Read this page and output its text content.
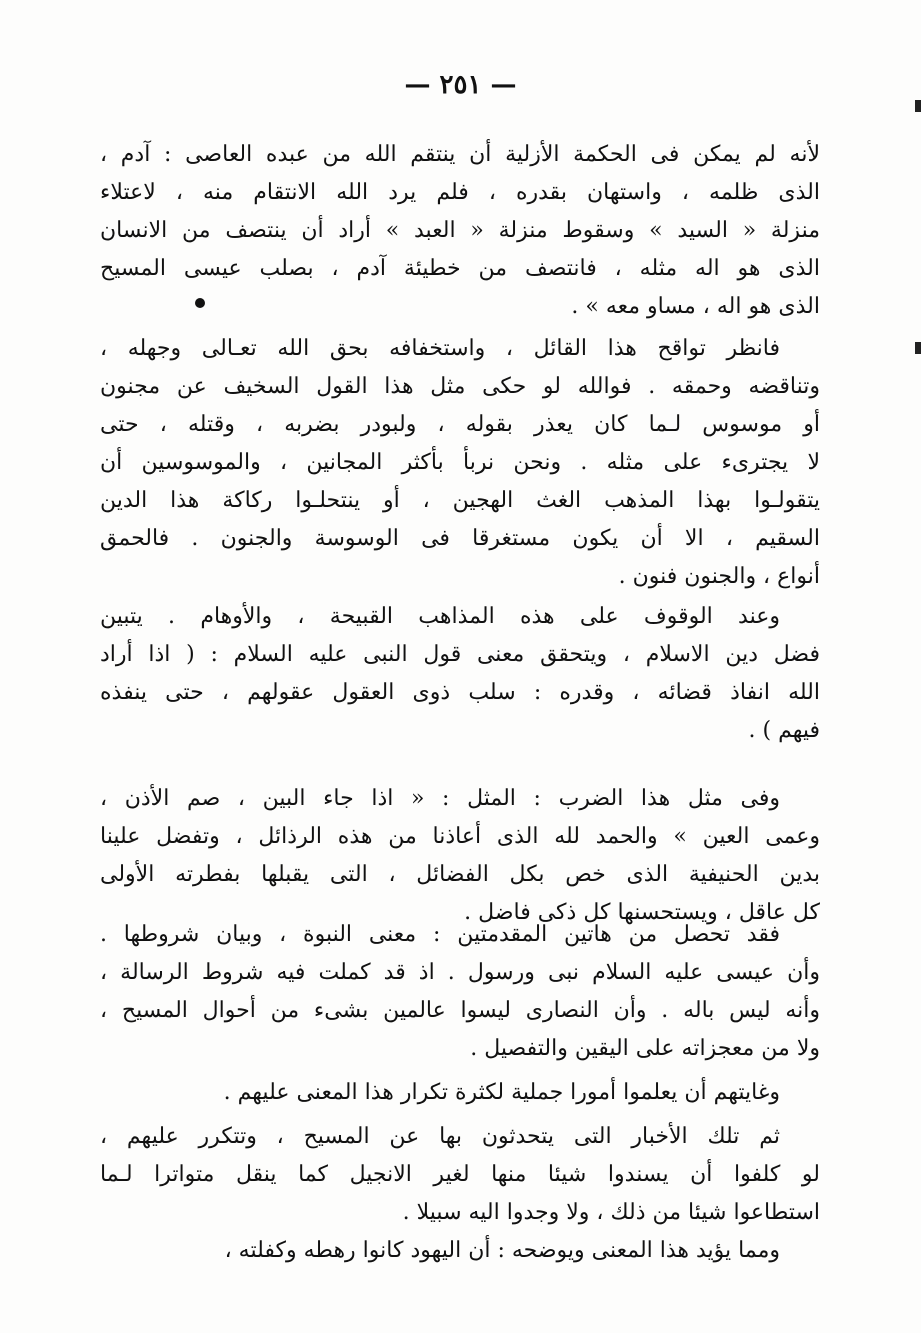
— ٢٥١ —
لأنه لم يمكن فى الحكمة الأزلية أن ينتقم الله من عبده العاصى : آدم ،
الذى ظلمه ، واستهان بقدره ، فلم يرد الله الانتقام منه ، لاعتلاء
منزلة « السيد » وسقوط منزلة « العبد » أراد أن ينتصف من الانسان
الذى هو اله مثله ، فانتصف من خطيئة آدم ، بصلب عيسى المسيح
الذى هو اله ، مساو معه » .
فانظر تواقح هذا القائل ، واستخفافه بحق الله تعـالى وجهله ،
وتناقضه وحمقه . فوالله لو حكى مثل هذا القول السخيف عن مجنون
أو موسوس لـما كان يعذر بقوله ، ولبودر بضربه ، وقتله ، حتى
لا يجترىء على مثله . ونحن نربأ بأكثر المجانين ، والموسوسين أن
يتقولـوا بهذا المذهب الغث الهجين ، أو ينتحلـوا ركاكة هذا الدين
السقيم ، الا أن يكون مستغرقا فى الوسوسة والجنون . فالحمق
أنواع ، والجنون فنون .
وعند الوقوف على هذه المذاهب القبيحة ، والأوهام . يتبين
فضل دين الاسلام ، ويتحقق معنى قول النبى عليه السلام : ( اذا أراد
الله انفاذ قضائه ، وقدره : سلب ذوى العقول عقولهم ، حتى ينفذه
فيهم ) .
وفى مثل هذا الضرب : المثل : « اذا جاء البين ، صم الأذن ،
وعمى العين » والحمد لله الذى أعاذنا من هذه الرذائل ، وتفضل علينا
بدين الحنيفية الذى خص بكل الفضائل ، التى يقبلها بفطرته الأولى
كل عاقل ، ويستحسنها كل ذكى فاضل .
فقد تحصل من هاتين المقدمتين : معنى النبوة ، وبيان شروطها .
وأن عيسى عليه السلام نبى ورسول . اذ قد كملت فيه شروط الرسالة ،
وأنه ليس باله . وأن النصارى ليسوا عالمين بشىء من أحوال المسيح ،
ولا من معجزاته على اليقين والتفصيل .
وغايتهم أن يعلموا أمورا جملية لكثرة تكرار هذا المعنى عليهم .
ثم تلك الأخبار التى يتحدثون بها عن المسيح ، وتتكرر عليهم ،
لو كلفوا أن يسندوا شيئا منها لغير الانجيل كما ينقل متواترا لـما
استطاعوا شيئا من ذلك ، ولا وجدوا اليه سبيلا .
ومما يؤيد هذا المعنى ويوضحه : أن اليهود كانوا رهطه وكفلته ،
